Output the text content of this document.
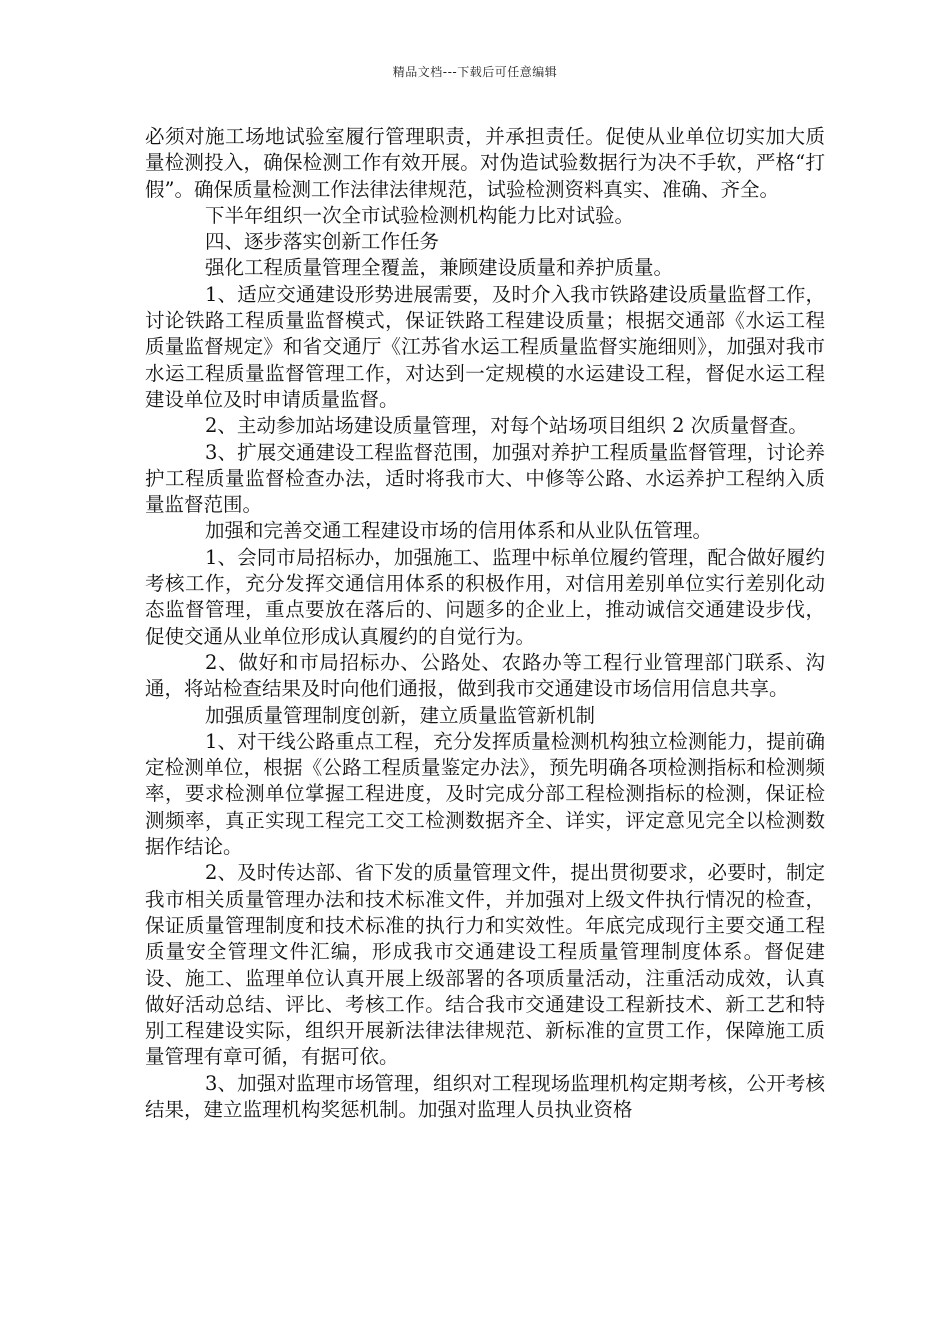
精品文档---下载后可任意编辑

必须对施工场地试验室履行管理职责，并承担责任。促使从业单位切实加大质量检测投入，确保检测工作有效开展。对伪造试验数据行为决不手软，严格“打假”。确保质量检测工作法律法律规范，试验检测资料真实、准确、齐全。

下半年组织一次全市试验检测机构能力比对试验。

四、逐步落实创新工作任务

强化工程质量管理全覆盖，兼顾建设质量和养护质量。

1、适应交通建设形势进展需要，及时介入我市铁路建设质量监督工作，讨论铁路工程质量监督模式，保证铁路工程建设质量；根据交通部《水运工程质量监督规定》和省交通厅《江苏省水运工程质量监督实施细则》，加强对我市水运工程质量监督管理工作，对达到一定规模的水运建设工程，督促水运工程建设单位及时申请质量监督。

2、主动参加站场建设质量管理，对每个站场项目组织 2 次质量督查。

3、扩展交通建设工程监督范围，加强对养护工程质量监督管理，讨论养护工程质量监督检查办法，适时将我市大、中修等公路、水运养护工程纳入质量监督范围。

加强和完善交通工程建设市场的信用体系和从业队伍管理。

1、会同市局招标办，加强施工、监理中标单位履约管理，配合做好履约考核工作，充分发挥交通信用体系的积极作用，对信用差别单位实行差别化动态监督管理，重点要放在落后的、问题多的企业上，推动诚信交通建设步伐，促使交通从业单位形成认真履约的自觉行为。

2、做好和市局招标办、公路处、农路办等工程行业管理部门联系、沟通，将站检查结果及时向他们通报，做到我市交通建设市场信用信息共享。

加强质量管理制度创新，建立质量监管新机制

1、对干线公路重点工程，充分发挥质量检测机构独立检测能力，提前确定检测单位，根据《公路工程质量鉴定办法》，预先明确各项检测指标和检测频率，要求检测单位掌握工程进度，及时完成分部工程检测指标的检测，保证检测频率，真正实现工程完工交工检测数据齐全、详实，评定意见完全以检测数据作结论。

2、及时传达部、省下发的质量管理文件，提出贯彻要求，必要时，制定我市相关质量管理办法和技术标准文件，并加强对上级文件执行情况的检查，保证质量管理制度和技术标准的执行力和实效性。年底完成现行主要交通工程质量安全管理文件汇编，形成我市交通建设工程质量管理制度体系。督促建设、施工、监理单位认真开展上级部署的各项质量活动，注重活动成效，认真做好活动总结、评比、考核工作。结合我市交通建设工程新技术、新工艺和特别工程建设实际，组织开展新法律法律规范、新标准的宣贯工作，保障施工质量管理有章可循，有据可依。

3、加强对监理市场管理，组织对工程现场监理机构定期考核，公开考核结果，建立监理机构奖惩机制。加强对监理人员执业资格
